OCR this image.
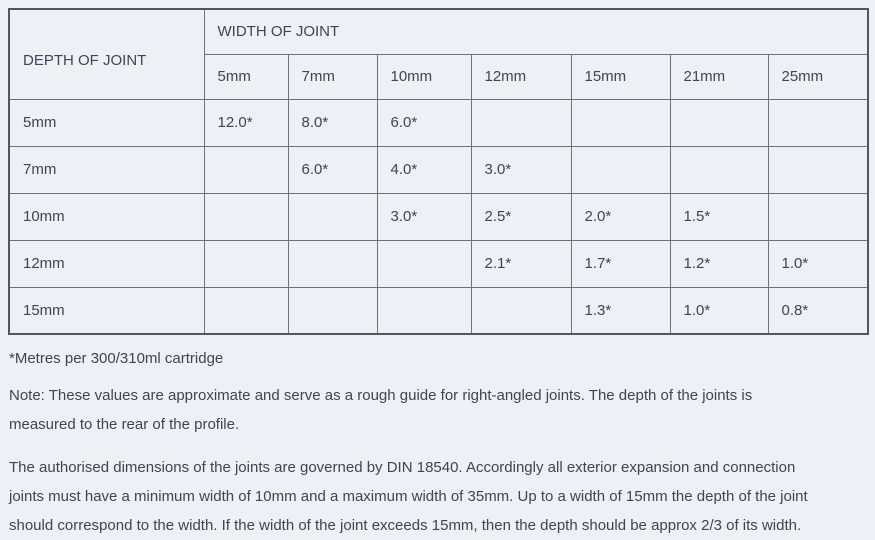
DEPTH OF JOINT	WIDTH OF JOINT						
	5mm	7mm	10mm	12mm	15mm	21mm	25mm
5mm	12.0*	8.0*	6.0*				
7mm		6.0*	4.0*	3.0*			
10mm			3.0*	2.5*	2.0*	1.5*	
12mm				2.1*	1.7*	1.2*	1.0*
15mm					1.3*	1.0*	0.8*

*Metres per 300/310ml cartridge

Note: These values are approximate and serve as a rough guide for right-angled joints. The depth of the joints is measured to the rear of the profile.

The authorised dimensions of the joints are governed by DIN 18540. Accordingly all exterior expansion and connection joints must have a minimum width of 10mm and a maximum width of 35mm. Up to a width of 15mm the depth of the joint should correspond to the width. If the width of the joint exceeds 15mm, then the depth should be approx 2/3 of its width.
